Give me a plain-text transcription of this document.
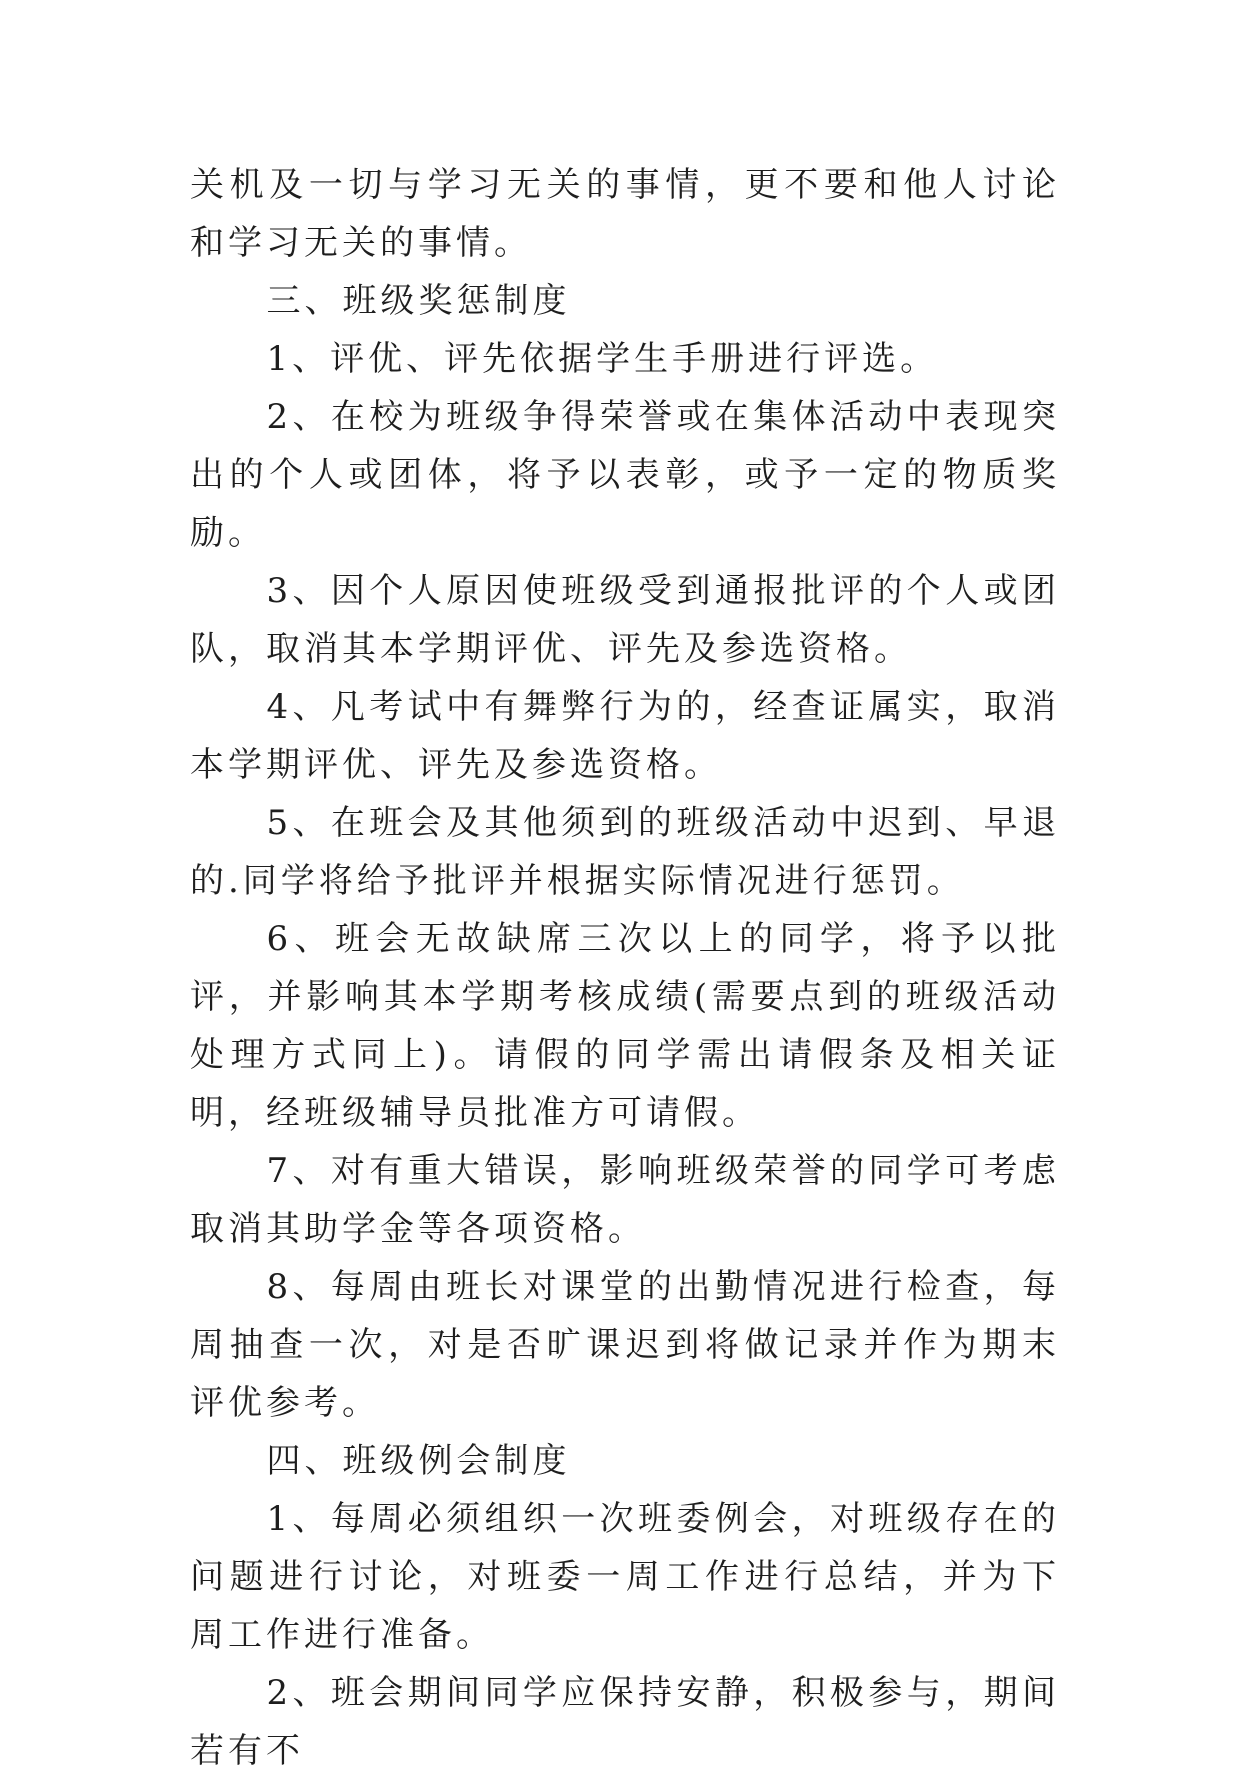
关机及一切与学习无关的事情，更不要和他人讨论和学习无关的事情。

三、班级奖惩制度

1、评优、评先依据学生手册进行评选。

2、在校为班级争得荣誉或在集体活动中表现突出的个人或团体，将予以表彰，或予一定的物质奖励。

3、因个人原因使班级受到通报批评的个人或团队，取消其本学期评优、评先及参选资格。

4、凡考试中有舞弊行为的，经查证属实，取消本学期评优、评先及参选资格。

5、在班会及其他须到的班级活动中迟到、早退的.同学将给予批评并根据实际情况进行惩罚。

6、班会无故缺席三次以上的同学，将予以批评，并影响其本学期考核成绩(需要点到的班级活动处理方式同上)。请假的同学需出请假条及相关证明，经班级辅导员批准方可请假。

7、对有重大错误，影响班级荣誉的同学可考虑取消其助学金等各项资格。

8、每周由班长对课堂的出勤情况进行检查，每周抽查一次，对是否旷课迟到将做记录并作为期末评优参考。

四、班级例会制度

1、每周必须组织一次班委例会，对班级存在的问题进行讨论，对班委一周工作进行总结，并为下周工作进行准备。

2、班会期间同学应保持安静，积极参与，期间若有不
